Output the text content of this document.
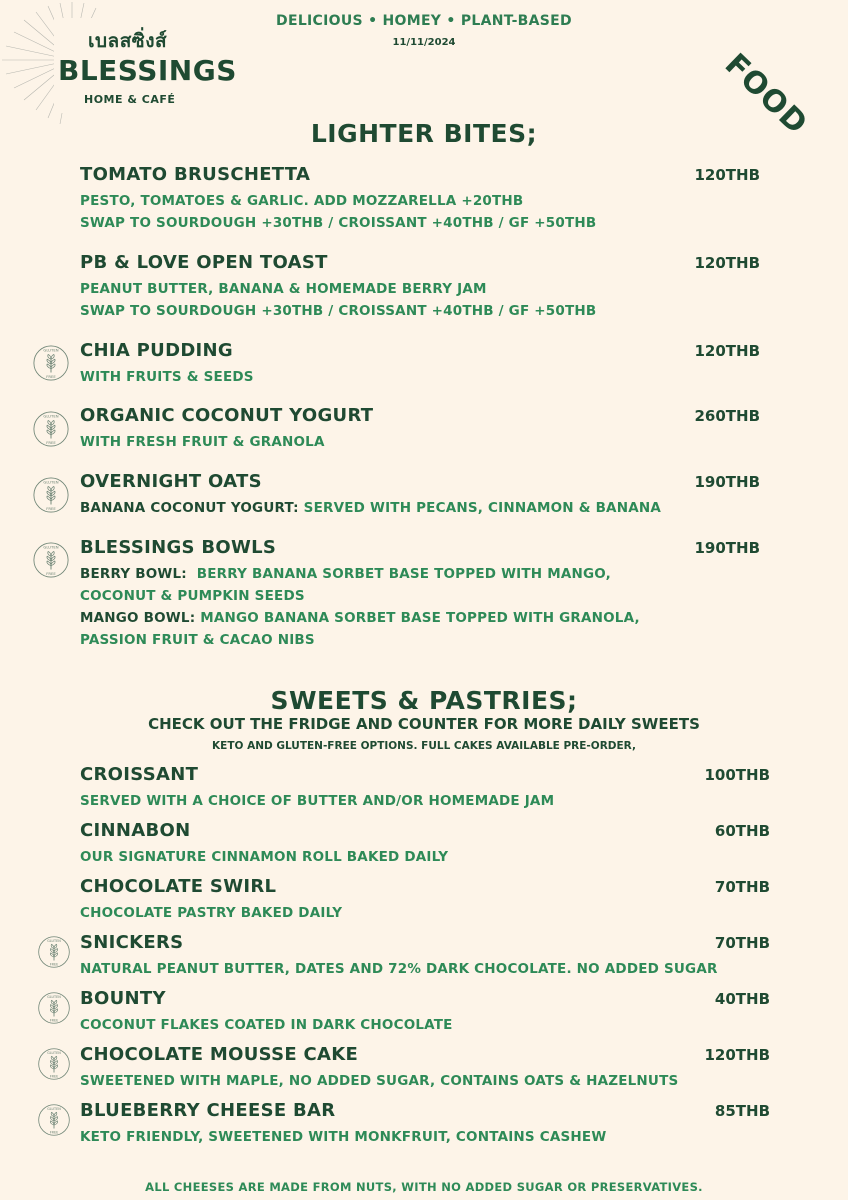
เบลสซิ่งส์
BLESSINGS
HOME & CAFÉ
DELICIOUS • HOMEY • PLANT-BASED
11/11/2024
FOOD
LIGHTER BITES;
TOMATO BRUSCHETTA	120THB
PESTO, TOMATOES & GARLIC. ADD MOZZARELLA +20THB
SWAP TO SOURDOUGH +30THB / CROISSANT +40THB / GF +50THB
PB & LOVE OPEN TOAST	120THB
PEANUT BUTTER, BANANA & HOMEMADE BERRY JAM
SWAP TO SOURDOUGH +30THB / CROISSANT +40THB / GF +50THB
GLUTEN
FREE
CHIA PUDDING	120THB
WITH FRUITS & SEEDS
GLUTEN
FREE
ORGANIC COCONUT YOGURT	260THB
WITH FRESH FRUIT & GRANOLA
GLUTEN
FREE
OVERNIGHT OATS	190THB
BANANA COCONUT YOGURT: SERVED WITH PECANS, CINNAMON & BANANA
GLUTEN
FREE
BLESSINGS BOWLS	190THB
BERRY BOWL: BERRY BANANA SORBET BASE TOPPED WITH MANGO,
COCONUT & PUMPKIN SEEDS
MANGO BOWL: MANGO BANANA SORBET BASE TOPPED WITH GRANOLA,
PASSION FRUIT & CACAO NIBS
SWEETS & PASTRIES;
CHECK OUT THE FRIDGE AND COUNTER FOR MORE DAILY SWEETS
KETO AND GLUTEN-FREE OPTIONS. FULL CAKES AVAILABLE PRE-ORDER,
CROISSANT	100THB
SERVED WITH A CHOICE OF BUTTER AND/OR HOMEMADE JAM
CINNABON	60THB
OUR SIGNATURE CINNAMON ROLL BAKED DAILY
CHOCOLATE SWIRL	70THB
CHOCOLATE PASTRY BAKED DAILY
GLUTEN
FREE
SNICKERS	70THB
NATURAL PEANUT BUTTER, DATES AND 72% DARK CHOCOLATE. NO ADDED SUGAR
GLUTEN
FREE
BOUNTY	40THB
COCONUT FLAKES COATED IN DARK CHOCOLATE
GLUTEN
FREE
CHOCOLATE MOUSSE CAKE	120THB
SWEETENED WITH MAPLE, NO ADDED SUGAR, CONTAINS OATS & HAZELNUTS
GLUTEN
FREE
BLUEBERRY CHEESE BAR	85THB
KETO FRIENDLY, SWEETENED WITH MONKFRUIT, CONTAINS CASHEW
ALL CHEESES ARE MADE FROM NUTS, WITH NO ADDED SUGAR OR PRESERVATIVES.
